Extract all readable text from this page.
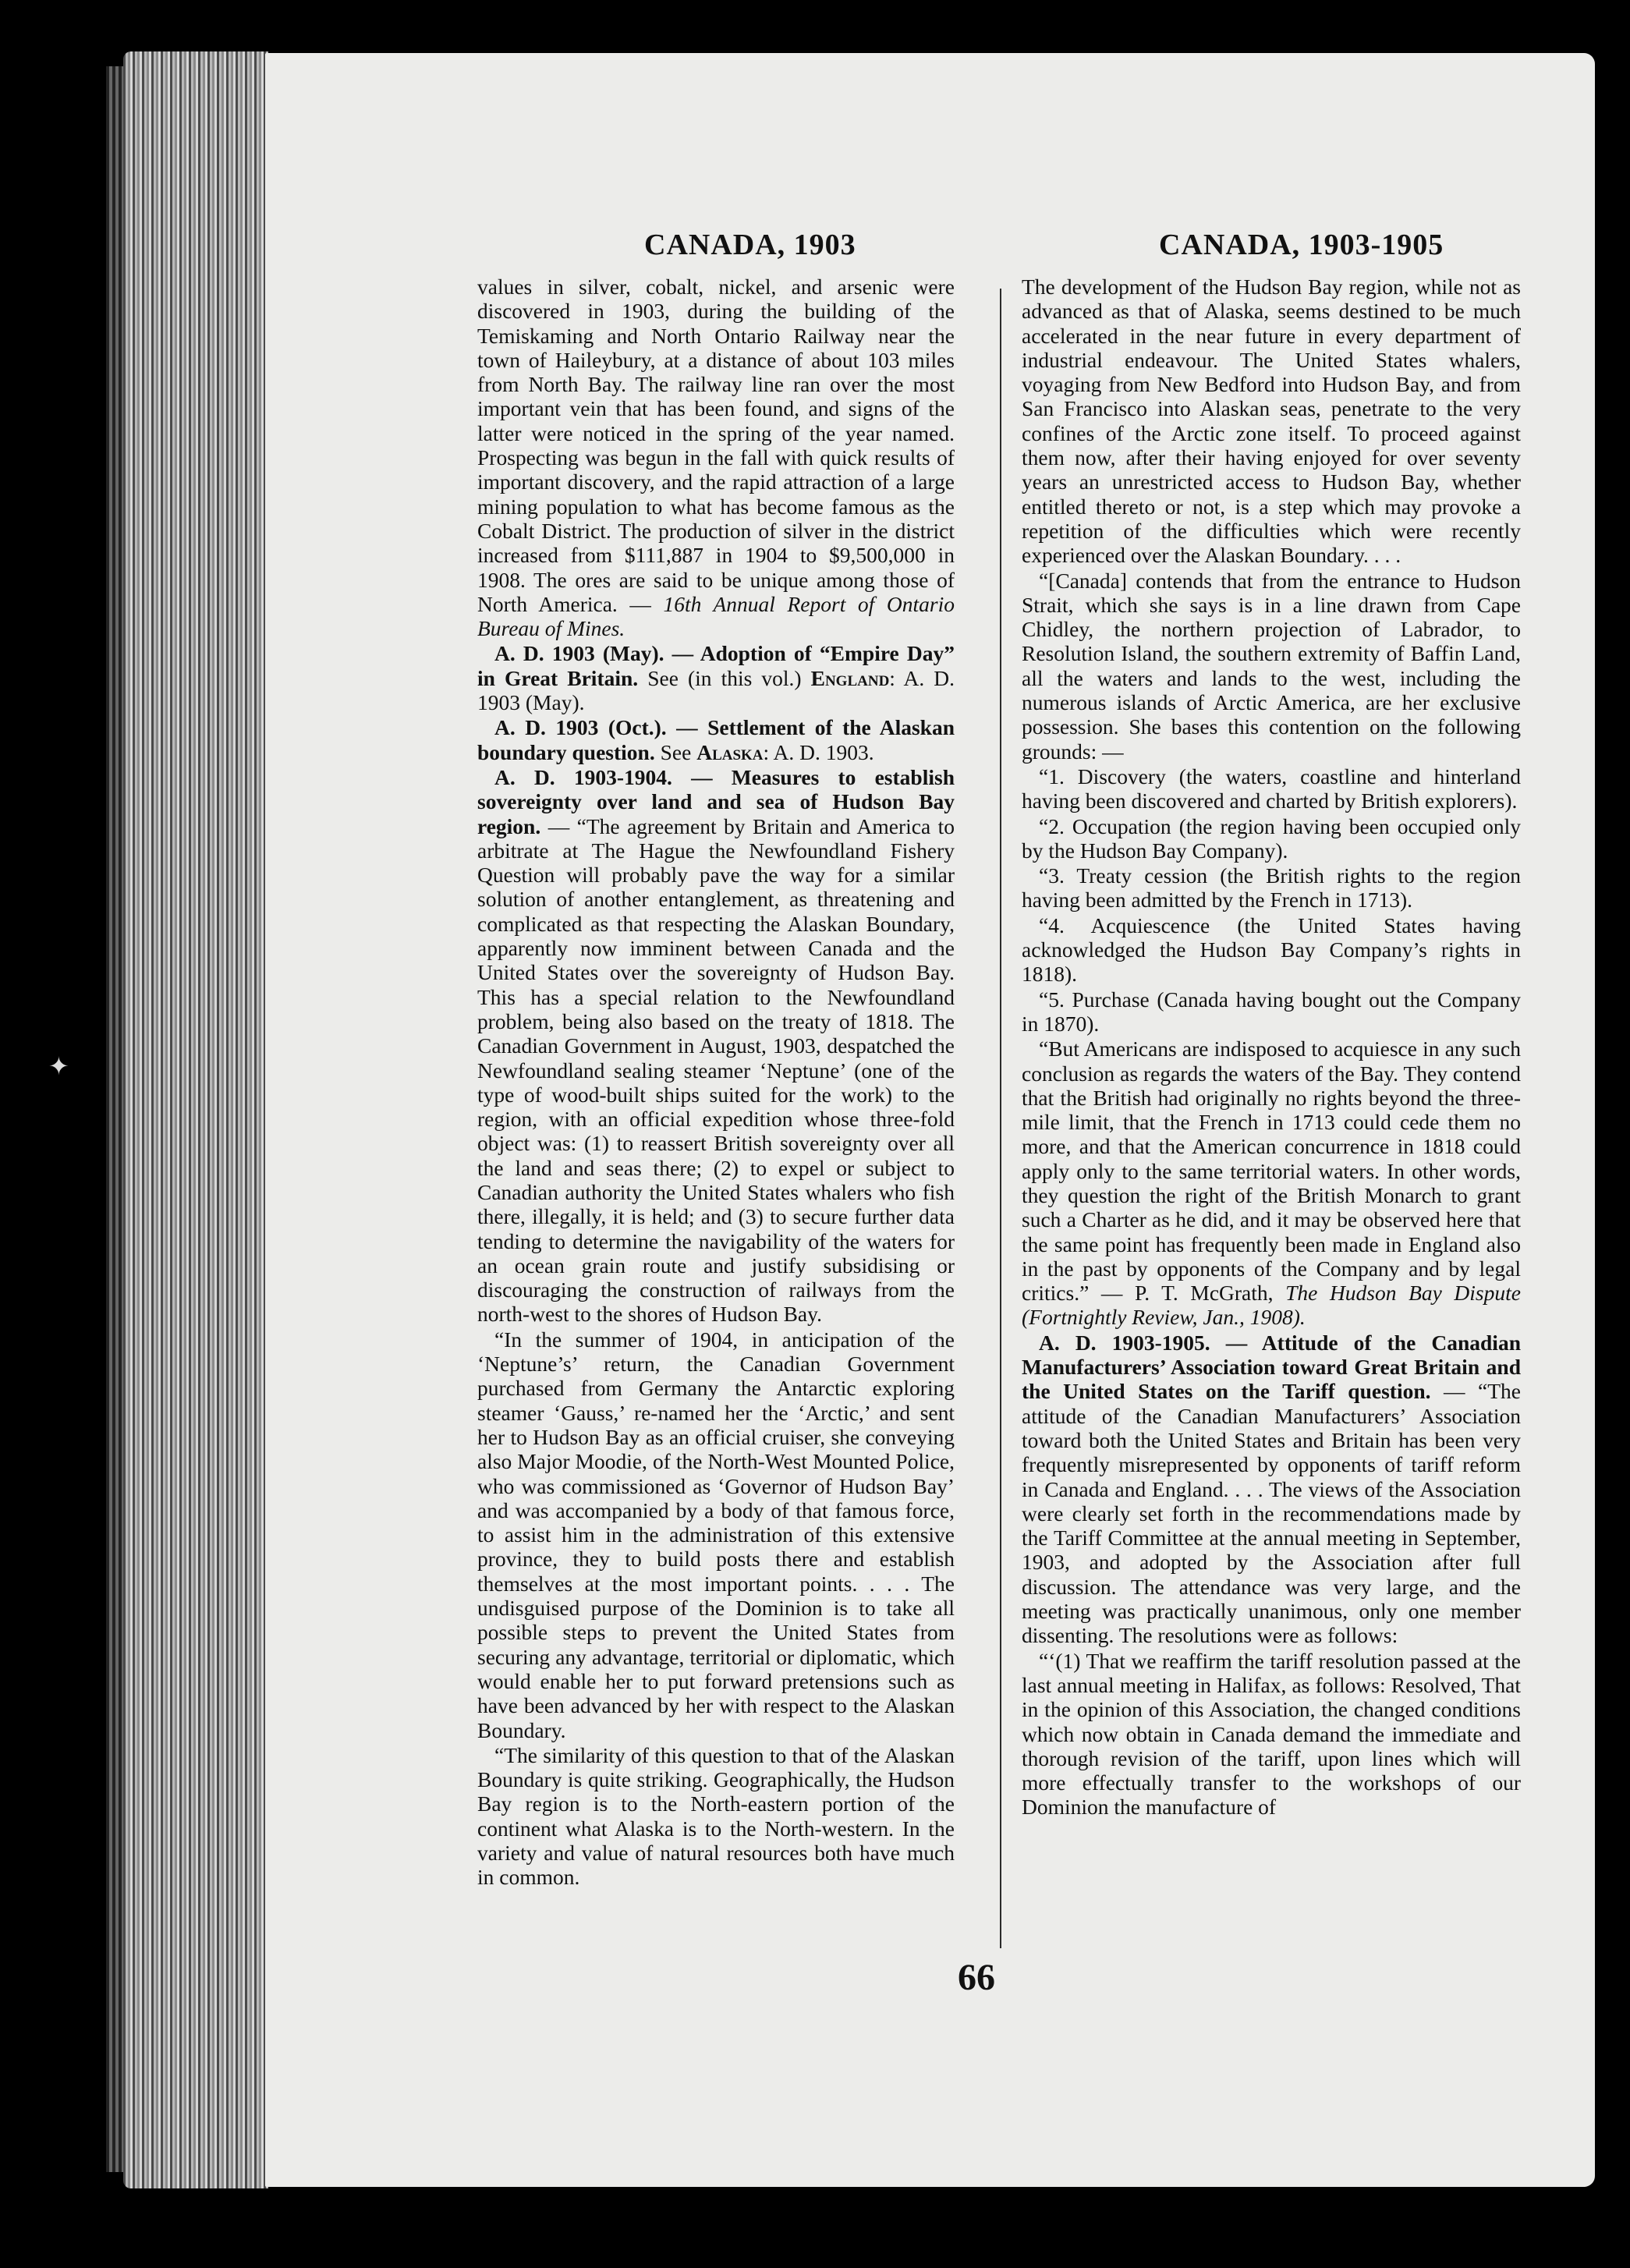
✦
CANADA, 1903	CANADA, 1903-1905

values in silver, cobalt, nickel, and arsenic were discovered in 1903, during the building of the Temiskaming and North Ontario Railway near the town of Haileybury, at a distance of about 103 miles from North Bay. The railway line ran over the most important vein that has been found, and signs of the latter were noticed in the spring of the year named. Prospecting was begun in the fall with quick results of important discovery, and the rapid attraction of a large mining population to what has become famous as the Cobalt District. The production of silver in the district increased from $111,887 in 1904 to $9,500,000 in 1908. The ores are said to be unique among those of North America. — 16th Annual Report of Ontario Bureau of Mines.

A. D. 1903 (May). — Adoption of “Empire Day” in Great Britain. See (in this vol.) England: A. D. 1903 (May).

A. D. 1903 (Oct.). — Settlement of the Alaskan boundary question. See Alaska: A. D. 1903.

A. D. 1903-1904. — Measures to establish sovereignty over land and sea of Hudson Bay region. — “The agreement by Britain and America to arbitrate at The Hague the Newfoundland Fishery Question will probably pave the way for a similar solution of another entanglement, as threatening and complicated as that respecting the Alaskan Boundary, apparently now imminent between Canada and the United States over the sovereignty of Hudson Bay. This has a special relation to the Newfoundland problem, being also based on the treaty of 1818. The Canadian Government in August, 1903, despatched the Newfoundland sealing steamer ‘Neptune’ (one of the type of wood-built ships suited for the work) to the region, with an official expedition whose three-fold object was: (1) to reassert British sovereignty over all the land and seas there; (2) to expel or subject to Canadian authority the United States whalers who fish there, illegally, it is held; and (3) to secure further data tending to determine the navigability of the waters for an ocean grain route and justify subsidising or discouraging the construction of railways from the north-west to the shores of Hudson Bay.

“In the summer of 1904, in anticipation of the ‘Neptune’s’ return, the Canadian Government purchased from Germany the Antarctic exploring steamer ‘Gauss,’ re-named her the ‘Arctic,’ and sent her to Hudson Bay as an official cruiser, she conveying also Major Moodie, of the North-West Mounted Police, who was commissioned as ‘Governor of Hudson Bay’ and was accompanied by a body of that famous force, to assist him in the administration of this extensive province, they to build posts there and establish themselves at the most important points. . . . The undisguised purpose of the Dominion is to take all possible steps to prevent the United States from securing any advantage, territorial or diplomatic, which would enable her to put forward pretensions such as have been advanced by her with respect to the Alaskan Boundary.

“The similarity of this question to that of the Alaskan Boundary is quite striking. Geographically, the Hudson Bay region is to the North-eastern portion of the continent what Alaska is to the North-western. In the variety and value of natural resources both have much in common.

The development of the Hudson Bay region, while not as advanced as that of Alaska, seems destined to be much accelerated in the near future in every department of industrial endeavour. The United States whalers, voyaging from New Bedford into Hudson Bay, and from San Francisco into Alaskan seas, penetrate to the very confines of the Arctic zone itself. To proceed against them now, after their having enjoyed for over seventy years an unrestricted access to Hudson Bay, whether entitled thereto or not, is a step which may provoke a repetition of the difficulties which were recently experienced over the Alaskan Boundary. . . .

“[Canada] contends that from the entrance to Hudson Strait, which she says is in a line drawn from Cape Chidley, the northern projection of Labrador, to Resolution Island, the southern extremity of Baffin Land, all the waters and lands to the west, including the numerous islands of Arctic America, are her exclusive possession. She bases this contention on the following grounds: —

“1. Discovery (the waters, coastline and hinterland having been discovered and charted by British explorers).

“2. Occupation (the region having been occupied only by the Hudson Bay Company).

“3. Treaty cession (the British rights to the region having been admitted by the French in 1713).

“4. Acquiescence (the United States having acknowledged the Hudson Bay Company’s rights in 1818).

“5. Purchase (Canada having bought out the Company in 1870).

“But Americans are indisposed to acquiesce in any such conclusion as regards the waters of the Bay. They contend that the British had originally no rights beyond the three-mile limit, that the French in 1713 could cede them no more, and that the American concurrence in 1818 could apply only to the same territorial waters. In other words, they question the right of the British Monarch to grant such a Charter as he did, and it may be observed here that the same point has frequently been made in England also in the past by opponents of the Company and by legal critics.” — P. T. McGrath, The Hudson Bay Dispute (Fortnightly Review, Jan., 1908).

A. D. 1903-1905. — Attitude of the Canadian Manufacturers’ Association toward Great Britain and the United States on the Tariff question. — “The attitude of the Canadian Manufacturers’ Association toward both the United States and Britain has been very frequently misrepresented by opponents of tariff reform in Canada and England. . . . The views of the Association were clearly set forth in the recommendations made by the Tariff Committee at the annual meeting in September, 1903, and adopted by the Association after full discussion. The attendance was very large, and the meeting was practically unanimous, only one member dissenting. The resolutions were as follows:

“‘(1) That we reaffirm the tariff resolution passed at the last annual meeting in Halifax, as follows: Resolved, That in the opinion of this Association, the changed conditions which now obtain in Canada demand the immediate and thorough revision of the tariff, upon lines which will more effectually transfer to the workshops of our Dominion the manufacture of

66
